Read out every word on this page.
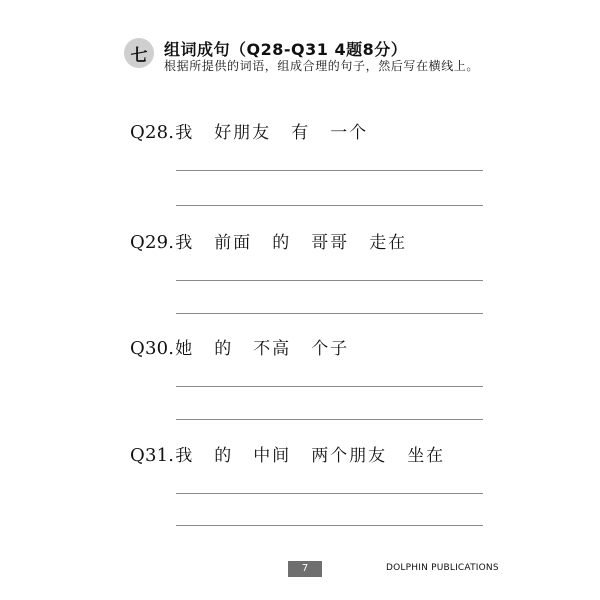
七	组词成句（Q28-Q31 4题8分）
根据所提供的词语，组成合理的句子，然后写在横线上。
Q28. 我 好朋友 有 一个
Q29. 我 前面 的 哥哥 走在
Q30. 她 的 不高 个子
Q31. 我 的 中间 两个朋友 坐在
7	DOLPHIN PUBLICATIONS
